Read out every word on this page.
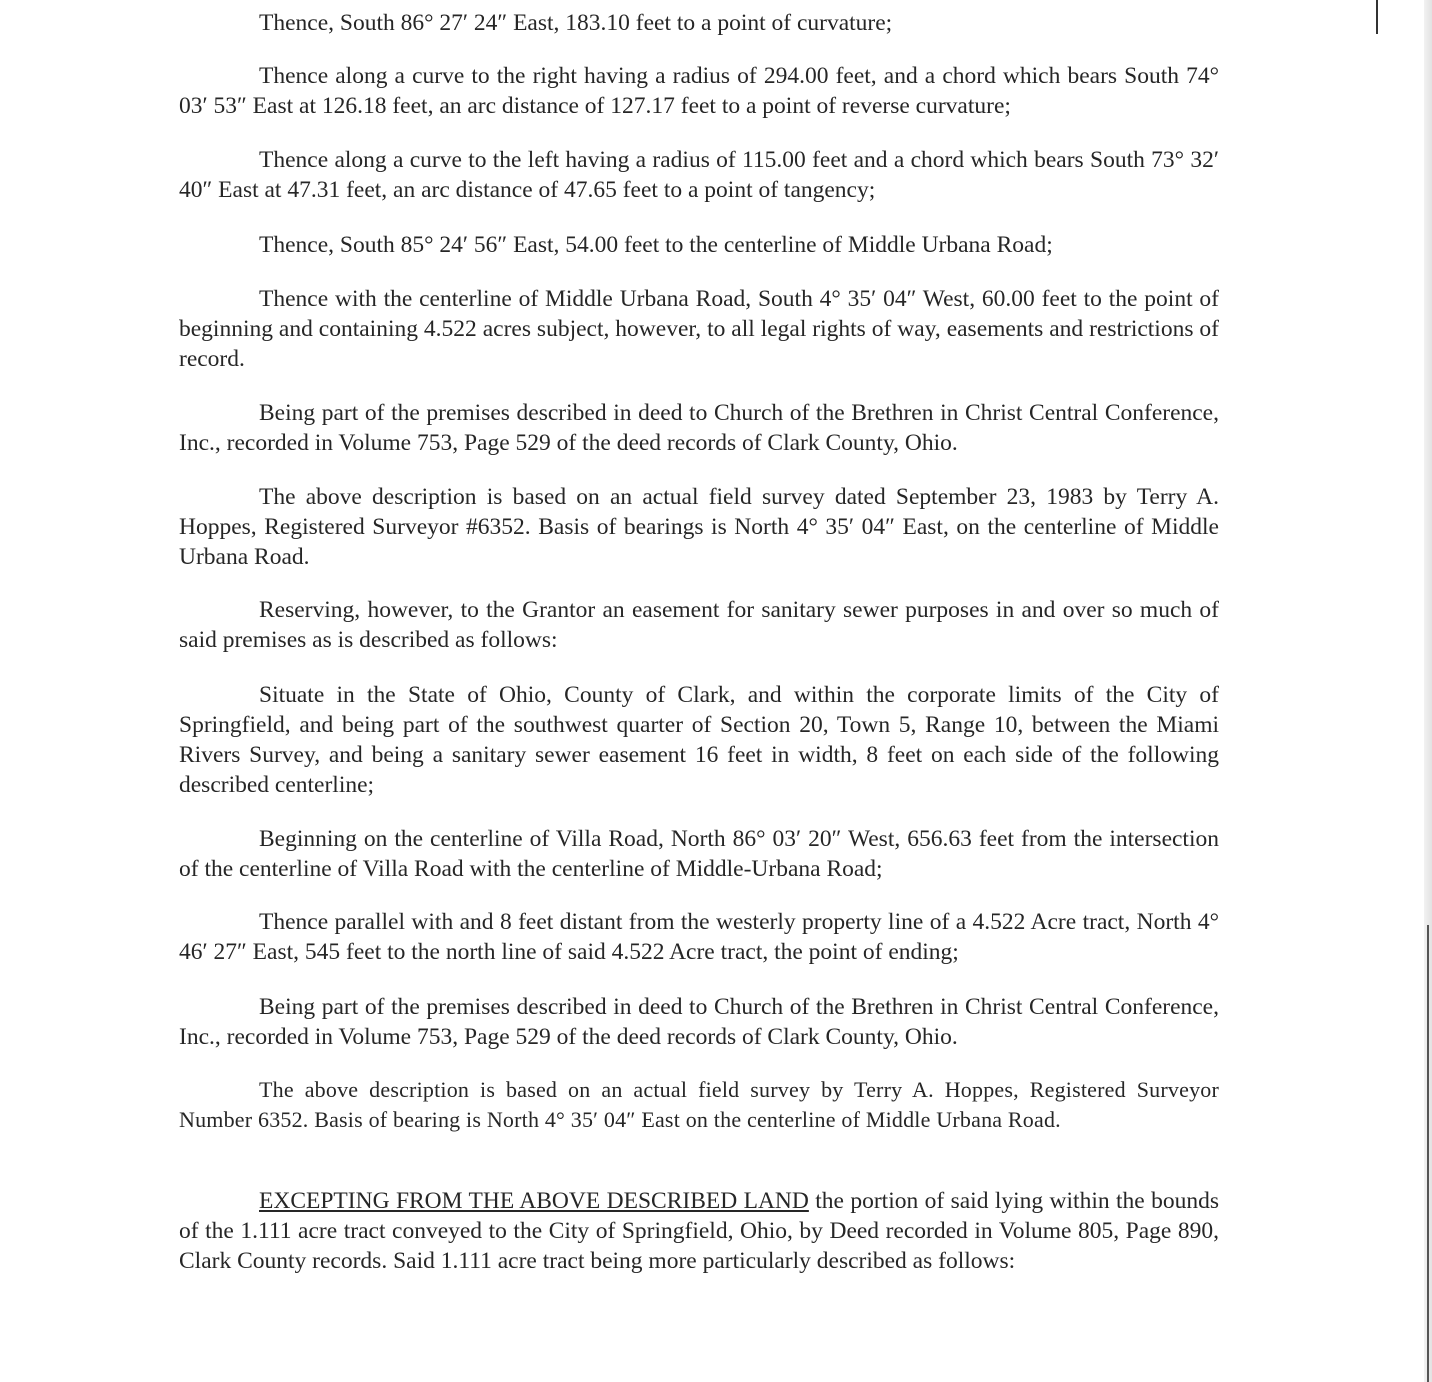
Thence, South 86° 27′ 24″ East, 183.10 feet to a point of curvature;

Thence along a curve to the right having a radius of 294.00 feet, and a chord which bears South 74° 03′ 53″ East at 126.18 feet, an arc distance of 127.17 feet to a point of reverse curvature;

Thence along a curve to the left having a radius of 115.00 feet and a chord which bears South 73° 32′ 40″ East at 47.31 feet, an arc distance of 47.65 feet to a point of tangency;

Thence, South 85° 24′ 56″ East, 54.00 feet to the centerline of Middle Urbana Road;

Thence with the centerline of Middle Urbana Road, South 4° 35′ 04″ West, 60.00 feet to the point of beginning and containing 4.522 acres subject, however, to all legal rights of way, easements and restrictions of record.

Being part of the premises described in deed to Church of the Brethren in Christ Central Conference, Inc., recorded in Volume 753, Page 529 of the deed records of Clark County, Ohio.

The above description is based on an actual field survey dated September 23, 1983 by Terry A. Hoppes, Registered Surveyor #6352. Basis of bearings is North 4° 35′ 04″ East, on the centerline of Middle Urbana Road.

Reserving, however, to the Grantor an easement for sanitary sewer purposes in and over so much of said premises as is described as follows:

Situate in the State of Ohio, County of Clark, and within the corporate limits of the City of Springfield, and being part of the southwest quarter of Section 20, Town 5, Range 10, between the Miami Rivers Survey, and being a sanitary sewer easement 16 feet in width, 8 feet on each side of the following described centerline;

Beginning on the centerline of Villa Road, North 86° 03′ 20″ West, 656.63 feet from the intersection of the centerline of Villa Road with the centerline of Middle-Urbana Road;

Thence parallel with and 8 feet distant from the westerly property line of a 4.522 Acre tract, North 4° 46′ 27″ East, 545 feet to the north line of said 4.522 Acre tract, the point of ending;

Being part of the premises described in deed to Church of the Brethren in Christ Central Conference, Inc., recorded in Volume 753, Page 529 of the deed records of Clark County, Ohio.

The above description is based on an actual field survey by Terry A. Hoppes, Registered Surveyor Number 6352. Basis of bearing is North 4° 35′ 04″ East on the centerline of Middle Urbana Road.

EXCEPTING FROM THE ABOVE DESCRIBED LAND the portion of said lying within the bounds of the 1.111 acre tract conveyed to the City of Springfield, Ohio, by Deed recorded in Volume 805, Page 890, Clark County records. Said 1.111 acre tract being more particularly described as follows:
